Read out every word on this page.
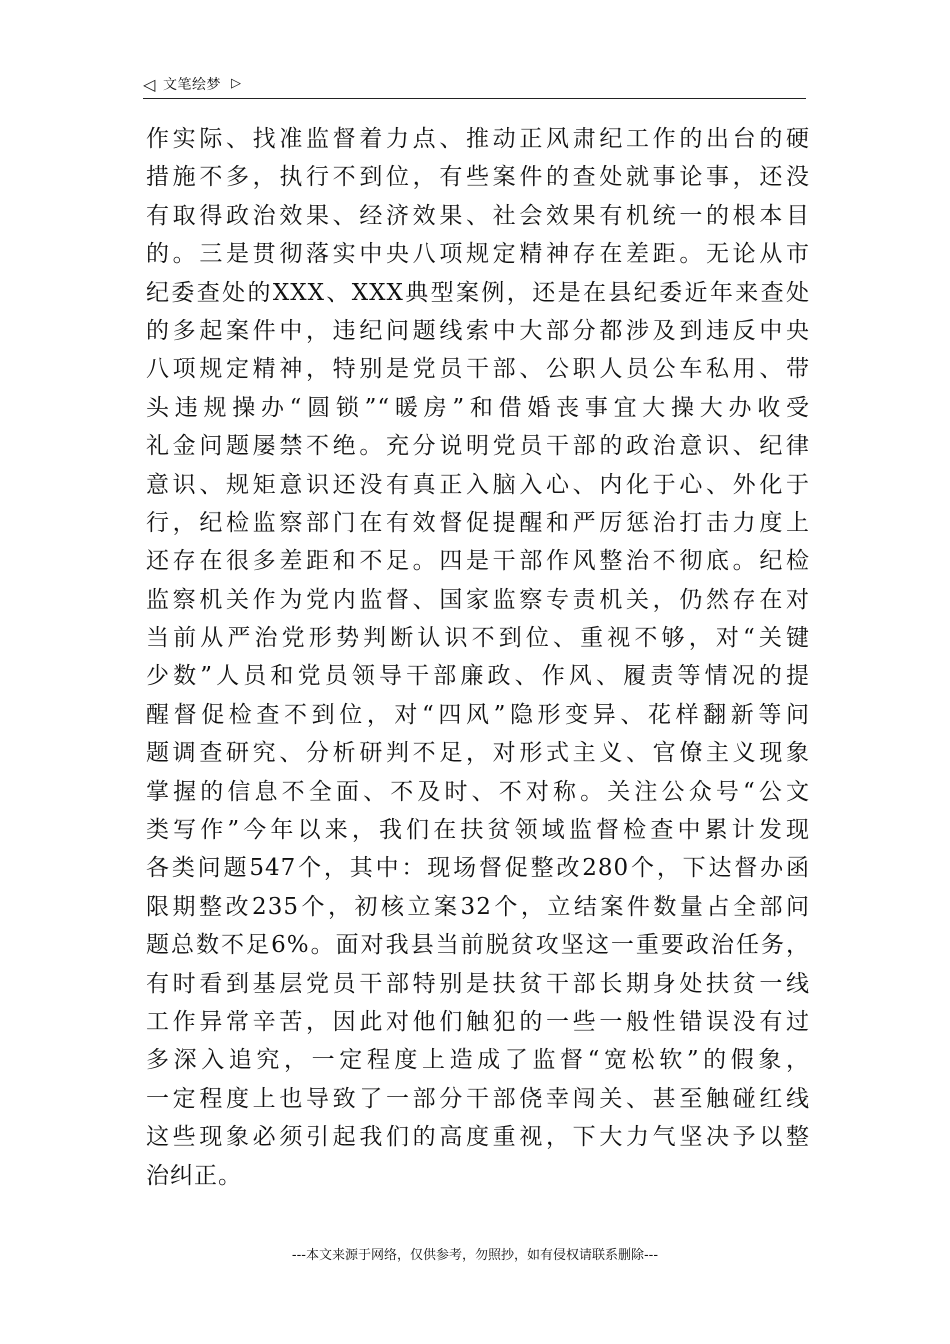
◁ 文笔绘梦 ▷
作实际、找准监督着力点、推动正风肃纪工作的出台的硬
措施不多，执行不到位，有些案件的查处就事论事，还没
有取得政治效果、经济效果、社会效果有机统一的根本目
的。三是贯彻落实中央八项规定精神存在差距。无论从市
纪委查处的XXX、XXX典型案例，还是在县纪委近年来查处
的多起案件中，违纪问题线索中大部分都涉及到违反中央
八项规定精神，特别是党员干部、公职人员公车私用、带
头违规操办“圆锁”“暖房”和借婚丧事宜大操大办收受
礼金问题屡禁不绝。充分说明党员干部的政治意识、纪律
意识、规矩意识还没有真正入脑入心、内化于心、外化于
行，纪检监察部门在有效督促提醒和严厉惩治打击力度上
还存在很多差距和不足。四是干部作风整治不彻底。纪检
监察机关作为党内监督、国家监察专责机关，仍然存在对
当前从严治党形势判断认识不到位、重视不够，对“关键
少数”人员和党员领导干部廉政、作风、履责等情况的提
醒督促检查不到位，对“四风”隐形变异、花样翻新等问
题调查研究、分析研判不足，对形式主义、官僚主义现象
掌握的信息不全面、不及时、不对称。关注公众号“公文
类写作”今年以来，我们在扶贫领域监督检查中累计发现
各类问题547个，其中：现场督促整改280个，下达督办函
限期整改235个，初核立案32个，立结案件数量占全部问
题总数不足6%。面对我县当前脱贫攻坚这一重要政治任务，
有时看到基层党员干部特别是扶贫干部长期身处扶贫一线
工作异常辛苦，因此对他们触犯的一些一般性错误没有过
多深入追究，一定程度上造成了监督“宽松软”的假象，
一定程度上也导致了一部分干部侥幸闯关、甚至触碰红线
这些现象必须引起我们的高度重视，下大力气坚决予以整
治纠正。
---本文来源于网络，仅供参考，勿照抄，如有侵权请联系删除---
